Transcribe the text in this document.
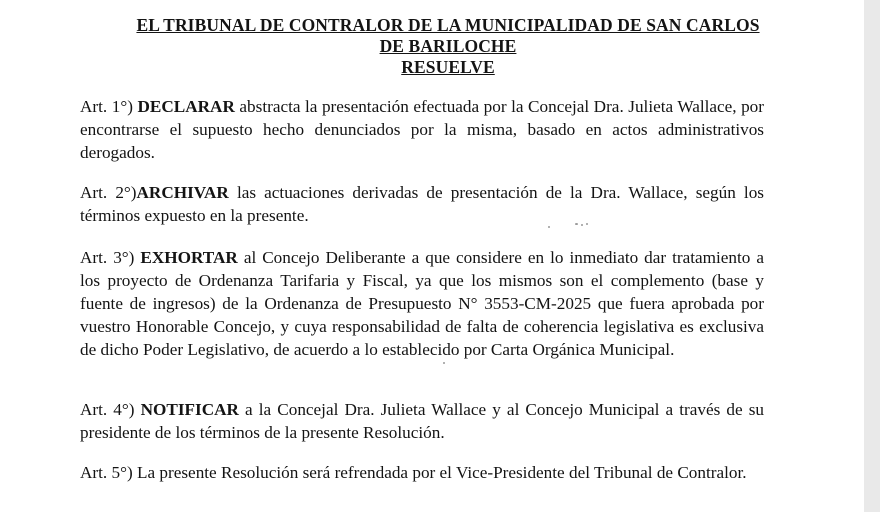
EL TRIBUNAL DE CONTRALOR DE LA MUNICIPALIDAD DE SAN CARLOS
DE BARILOCHE
RESUELVE
Art. 1°) DECLARAR abstracta la presentación efectuada por la Concejal Dra. Julieta Wallace, por encontrarse el supuesto hecho denunciados por la misma, basado en actos administrativos derogados.
Art. 2°)ARCHIVAR las actuaciones derivadas de presentación de la Dra. Wallace, según los términos expuesto en la presente.
Art. 3°) EXHORTAR al Concejo Deliberante a que considere en lo inmediato dar tratamiento a los proyecto de Ordenanza Tarifaria y Fiscal, ya que los mismos son el complemento (base y fuente de ingresos) de la Ordenanza de Presupuesto N° 3553-CM-2025 que fuera aprobada por vuestro Honorable Concejo, y cuya responsabilidad de falta de coherencia legislativa es exclusiva de dicho Poder Legislativo, de acuerdo a lo establecido por Carta Orgánica Municipal.
Art. 4°) NOTIFICAR a la Concejal Dra. Julieta Wallace y al Concejo Municipal a través de su presidente de los términos de la presente Resolución.
Art. 5°) La presente Resolución será refrendada por el Vice-Presidente del Tribunal de Contralor.
